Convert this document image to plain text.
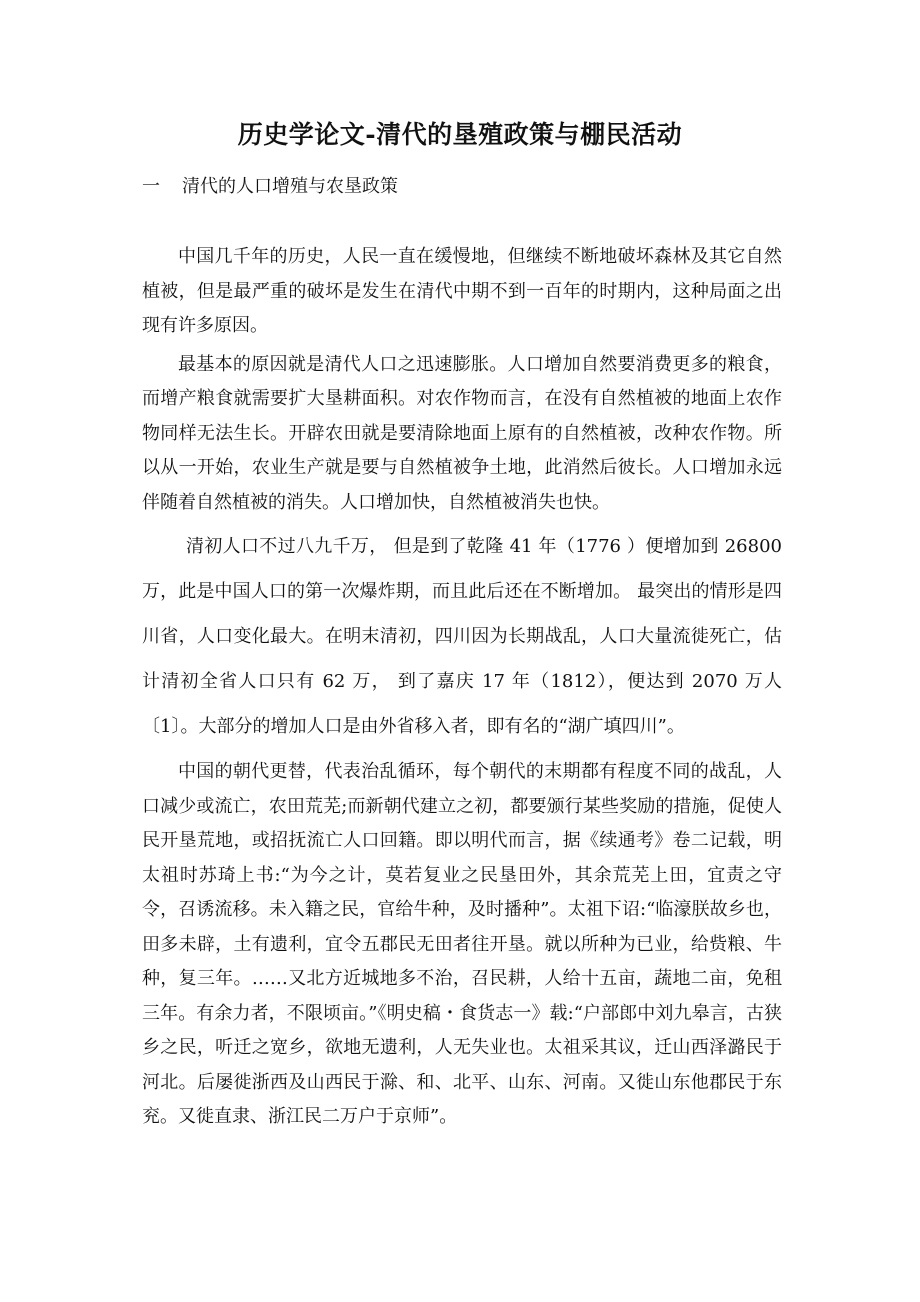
历史学论文-清代的垦殖政策与棚民活动
一 清代的人口增殖与农垦政策

中国几千年的历史，人民一直在缓慢地，但继续不断地破坏森林及其它自然植被，但是最严重的破坏是发生在清代中期不到一百年的时期内，这种局面之出现有许多原因。

最基本的原因就是清代人口之迅速膨胀。人口增加自然要消费更多的粮食，而增产粮食就需要扩大垦耕面积。对农作物而言，在没有自然植被的地面上农作物同样无法生长。开辟农田就是要清除地面上原有的自然植被，改种农作物。所以从一开始，农业生产就是要与自然植被争土地，此消然后彼长。人口增加永远伴随着自然植被的消失。人口增加快，自然植被消失也快。

清初人口不过八九千万， 但是到了乾隆 41 年（1776 ）便增加到 26800万，此是中国人口的第一次爆炸期，而且此后还在不断增加。 最突出的情形是四川省，人口变化最大。在明末清初，四川因为长期战乱，人口大量流徙死亡，估计清初全省人口只有 62 万， 到了嘉庆 17 年（1812），便达到 2070 万人〔1〕。大部分的增加人口是由外省移入者，即有名的“湖广填四川”。

中国的朝代更替，代表治乱循环，每个朝代的末期都有程度不同的战乱，人口减少或流亡，农田荒芜;而新朝代建立之初，都要颁行某些奖励的措施，促使人民开垦荒地，或招抚流亡人口回籍。即以明代而言，据《续通考》卷二记载，明太祖时苏琦上书:“为今之计，莫若复业之民垦田外，其余荒芜上田，宜责之守令，召诱流移。未入籍之民，官给牛种，及时播种”。太祖下诏:“临濠朕故乡也，田多未辟，土有遗利，宜令五郡民无田者往开垦。就以所种为已业，给赀粮、牛种，复三年。……又北方近城地多不治，召民耕，人给十五亩，蔬地二亩，免租三年。有余力者，不限顷亩。”《明史稿・食货志一》载:“户部郎中刘九皋言，古狭乡之民，听迁之宽乡，欲地无遗利，人无失业也。太祖采其议，迁山西泽潞民于河北。后屡徙浙西及山西民于滁、和、北平、山东、河南。又徙山东他郡民于东兖。又徙直隶、浙江民二万户于京师”。
